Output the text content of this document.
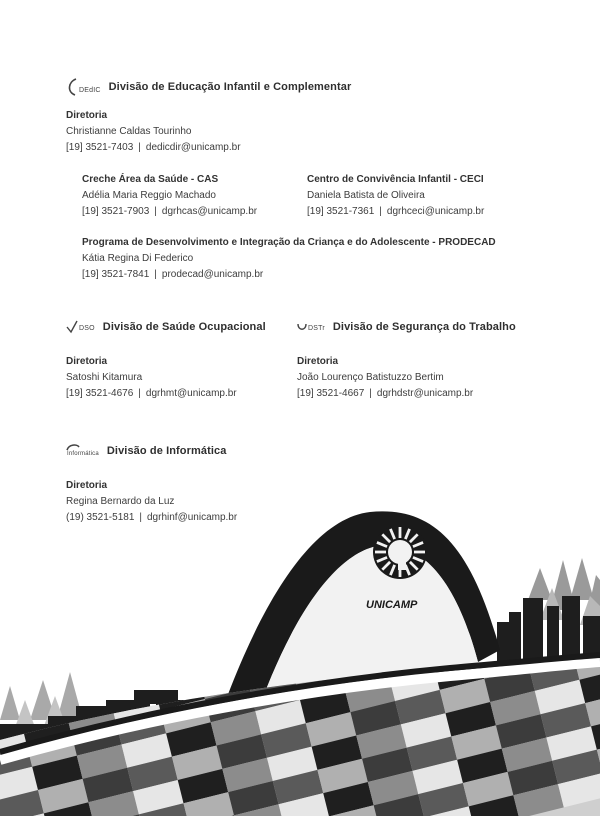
DEdIC Divisão de Educação Infantil e Complementar
Diretoria
Christianne Caldas Tourinho
[19] 3521-7403 | dedicdir@unicamp.br
Creche Área da Saúde - CAS
Adélia Maria Reggio Machado
[19] 3521-7903 | dgrhcas@unicamp.br
Centro de Convivência Infantil - CECI
Daniela Batista de Oliveira
[19] 3521-7361 | dgrhceci@unicamp.br
Programa de Desenvolvimento e Integração da Criança e do Adolescente - PRODECAD
Kátia Regina Di Federico
[19] 3521-7841 | prodecad@unicamp.br
DSO Divisão de Saúde Ocupacional
Diretoria
Satoshi Kitamura
[19] 3521-4676 | dgrhmt@unicamp.br
DSTr Divisão de Segurança do Trabalho
Diretoria
João Lourenço Batistuzzo Bertim
[19] 3521-4667 | dgrhdstr@unicamp.br
Informática Divisão de Informática
Diretoria
Regina Bernardo da Luz
(19) 3521-5181 | dgrhinf@unicamp.br
UNICAMP
